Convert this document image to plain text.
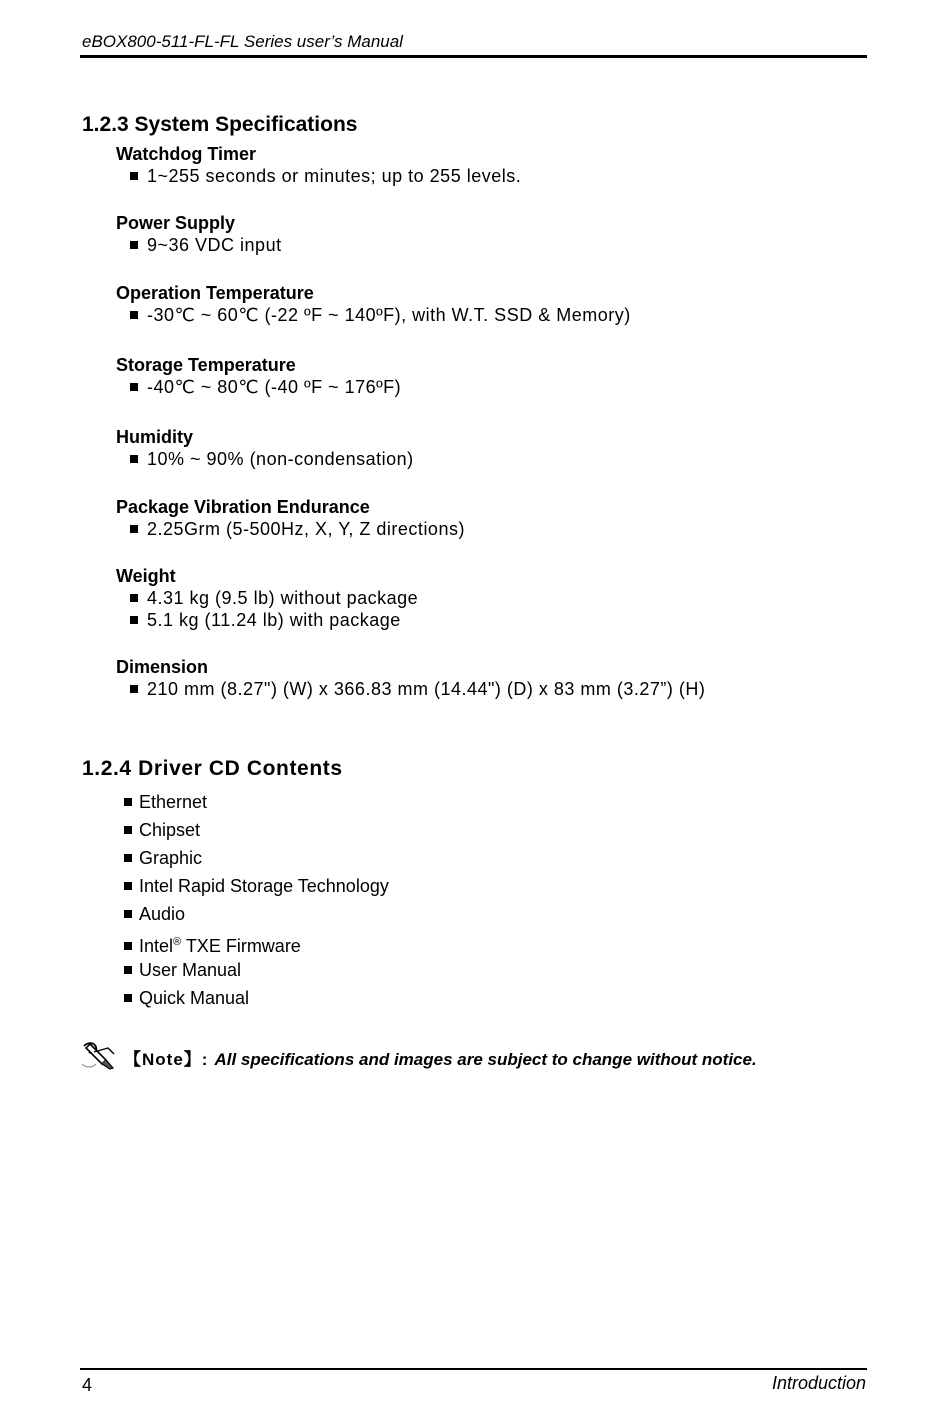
eBOX800-511-FL-FL Series user’s Manual
1.2.3 System Specifications
Watchdog Timer
1~255 seconds or minutes; up to 255 levels.
Power Supply
9~36 VDC input
Operation Temperature
-30℃ ~ 60℃ (-22 ºF ~ 140ºF), with W.T. SSD & Memory)
Storage Temperature
-40℃ ~ 80℃ (-40 ºF ~ 176ºF)
Humidity
10% ~ 90% (non-condensation)
Package Vibration Endurance
2.25Grm (5-500Hz, X, Y, Z directions)
Weight
4.31 kg (9.5 lb) without package
5.1 kg (11.24 lb) with package
Dimension
210 mm (8.27") (W) x 366.83 mm (14.44") (D) x 83 mm (3.27”) (H)
1.2.4 Driver CD Contents
Ethernet
Chipset
Graphic
Intel Rapid Storage Technology
Audio
Intel® TXE Firmware
User Manual
Quick Manual
【Note】: All specifications and images are subject to change without notice.
4	Introduction
